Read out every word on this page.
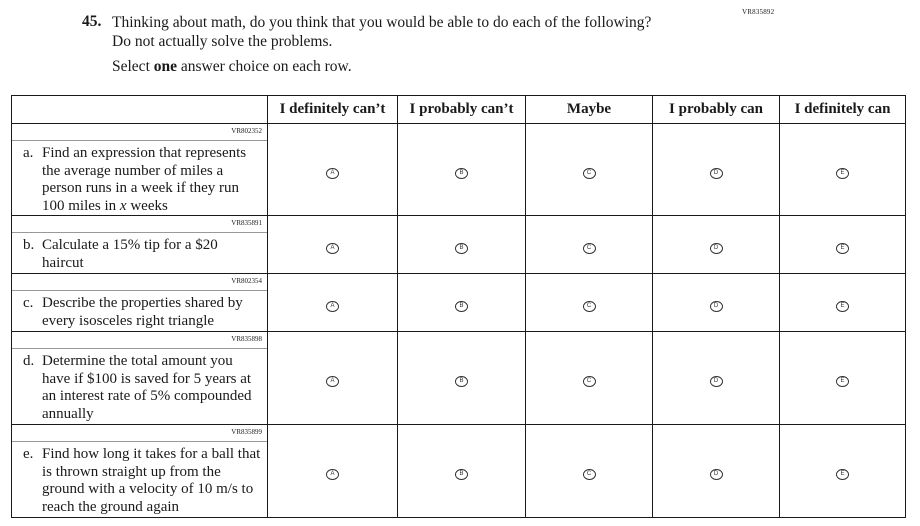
45. Thinking about math, do you think that you would be able to do each of the following?
Do not actually solve the problems.
VR835892
Select one answer choice on each row.
	I definitely can’t	I probably can’t	Maybe	I probably can	I definitely can

VR802352
a. Find an expression that represents the average number of miles a person runs in a week if they run 100 miles in x weeks	A	B	C	D	E

VR835891
b. Calculate a 15% tip for a $20 haircut	A	B	C	D	E

VR802354
c. Describe the properties shared by every isosceles right triangle	A	B	C	D	E

VR835898
d. Determine the total amount you have if $100 is saved for 5 years at an interest rate of 5% compounded annually	A	B	C	D	E

VR835899
e. Find how long it takes for a ball that is thrown straight up from the ground with a velocity of 10 m/s to reach the ground again	A	B	C	D	E
